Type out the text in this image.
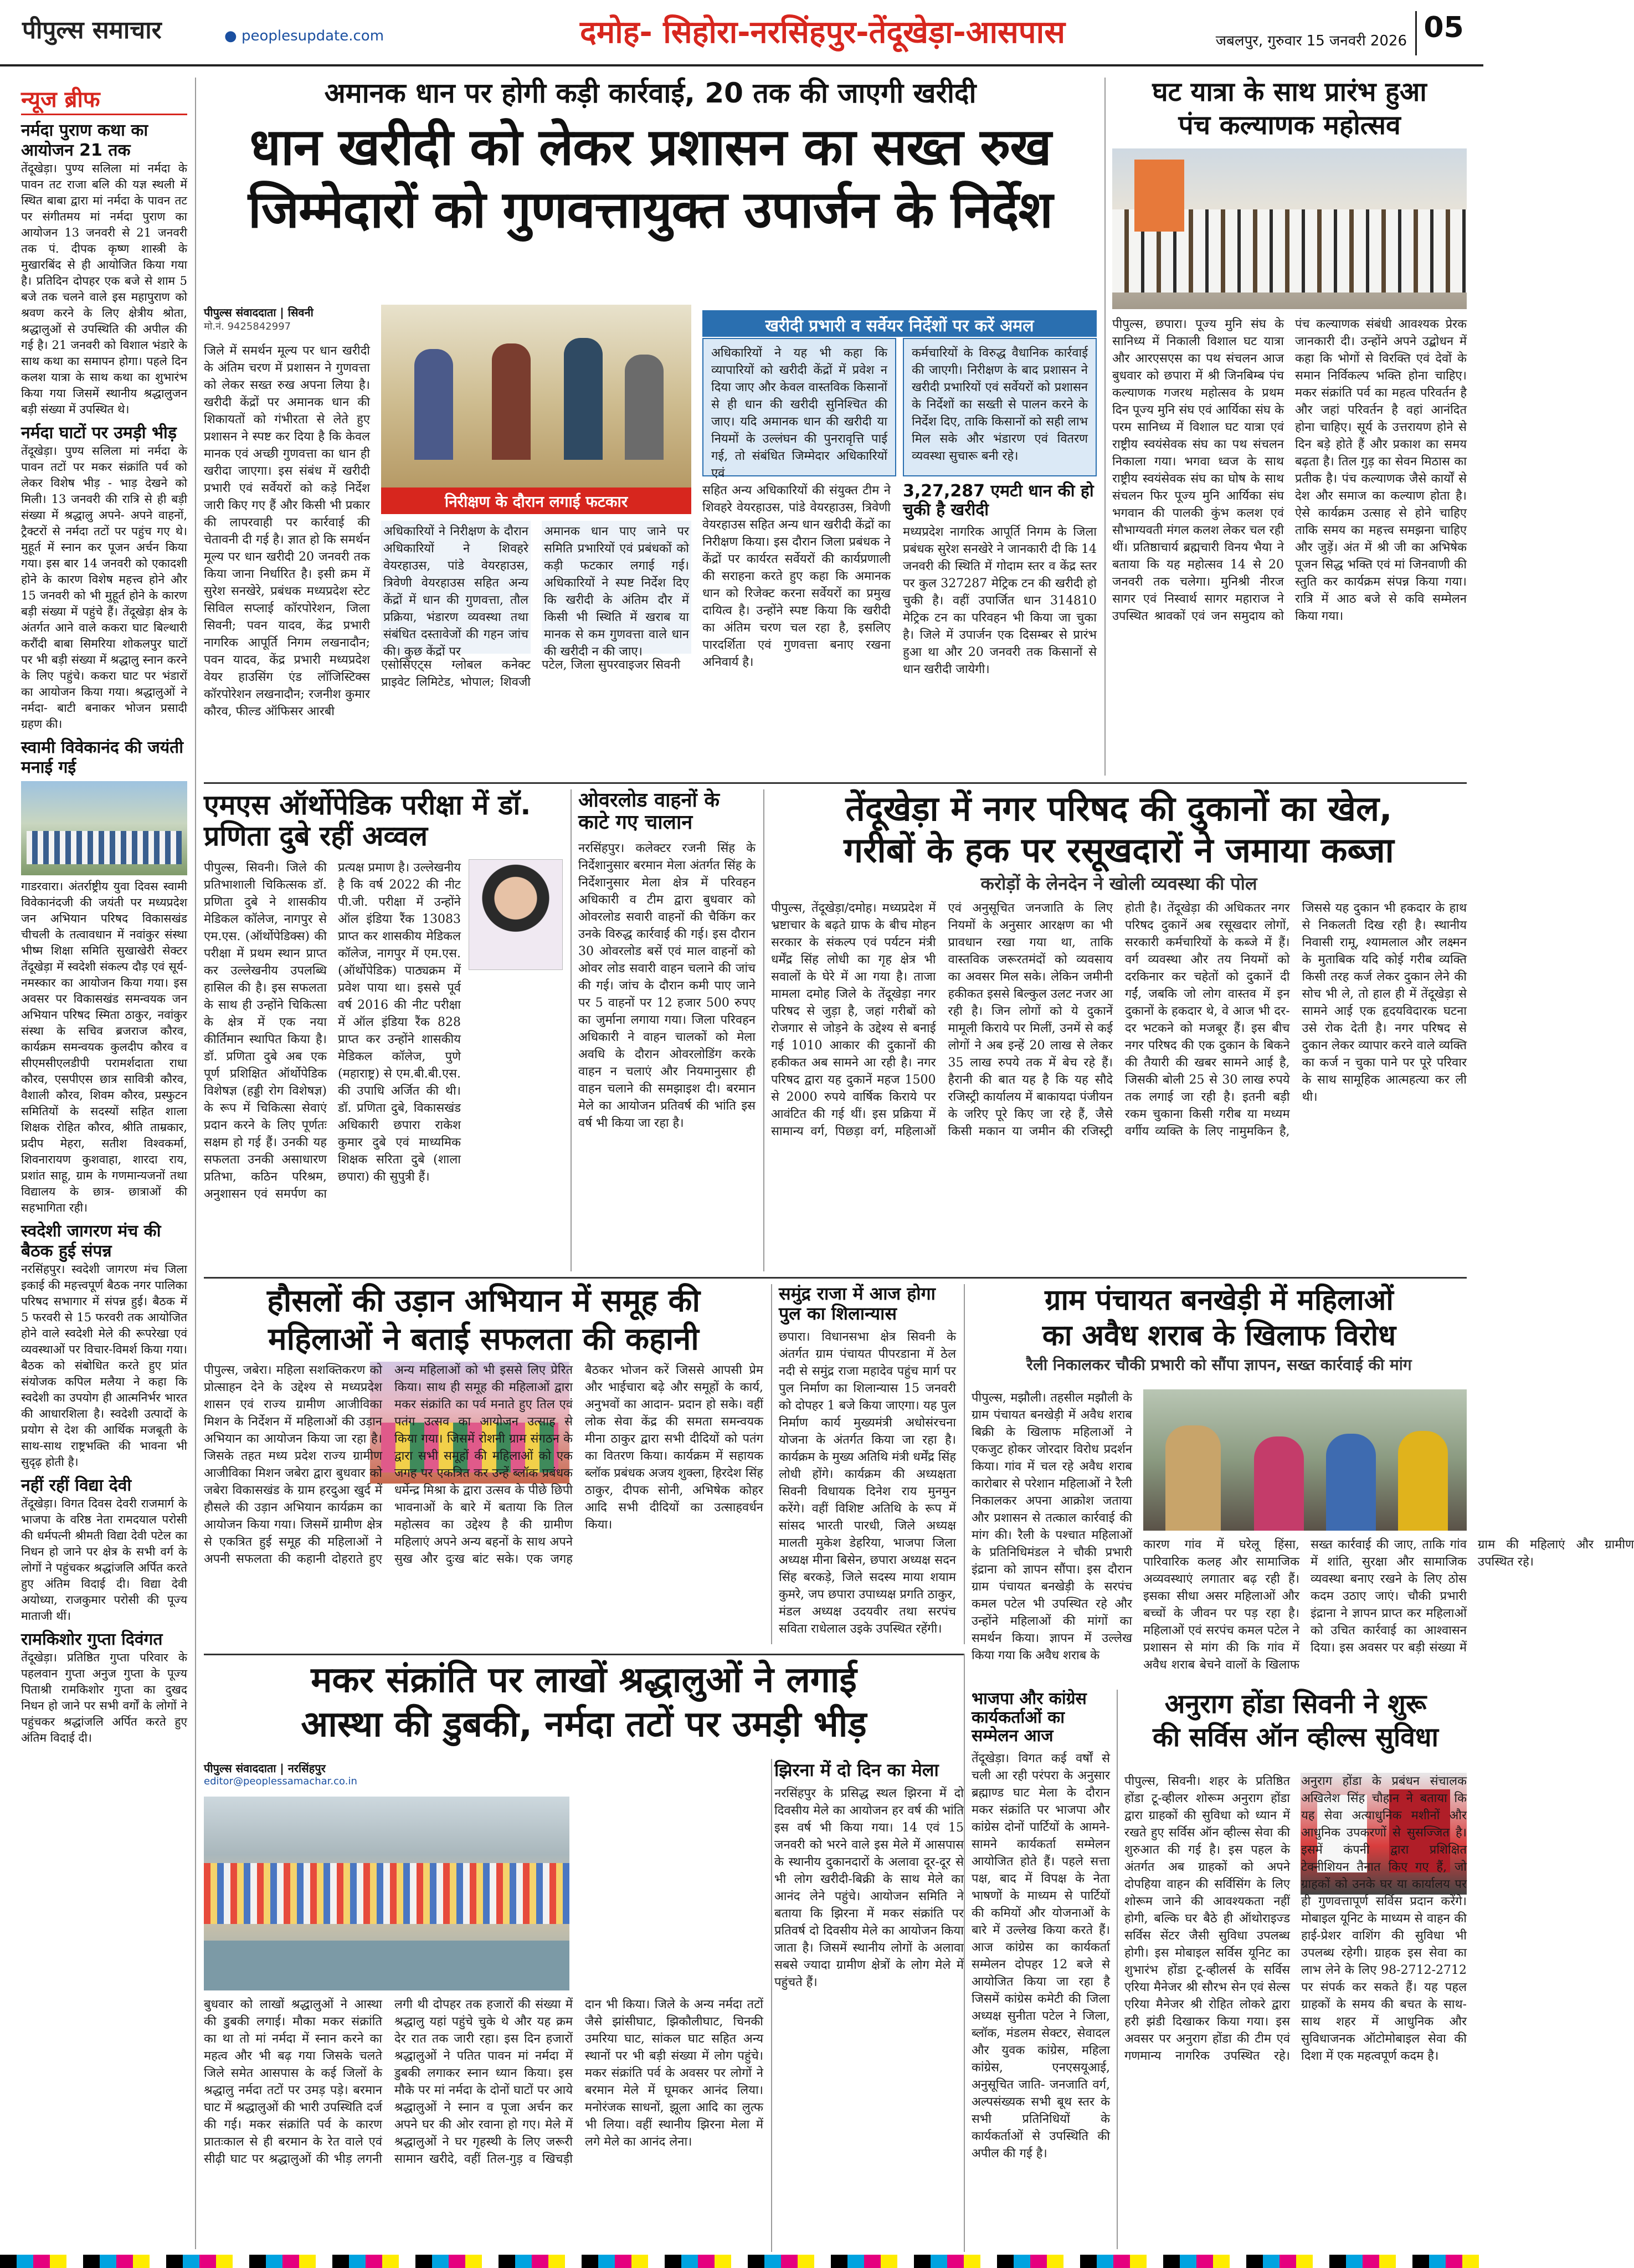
पीपुल्स समाचार	● peoplesupdate.com	दमोह- सिहोरा-नरसिंहपुर-तेंदूखेड़ा-आसपास	जबलपुर, गुरुवार 15 जनवरी 2026 05
न्यूज ब्रीफ
नर्मदा पुराण कथा का आयोजन 21 तक
तेंदूखेड़ा। पुण्य सलिला मां नर्मदा के पावन तट राजा बलि की यज्ञ स्थली में स्थित बाबा द्वारा मां नर्मदा के पावन तट पर संगीतमय मां नर्मदा पुराण का आयोजन 13 जनवरी से 21 जनवरी तक पं. दीपक कृष्ण शास्त्री के मुखारबिंद से ही आयोजित किया गया है। प्रतिदिन दोपहर एक बजे से शाम 5 बजे तक चलने वाले इस महापुराण को श्रवण करने के लिए क्षेत्रीय श्रोता, श्रद्धालुओं से उपस्थिति की अपील की गई है। 21 जनवरी को विशाल भंडारे के साथ कथा का समापन होगा। पहले दिन कलश यात्रा के साथ कथा का शुभारंभ किया गया जिसमें स्थानीय श्रद्धालुजन बड़ी संख्या में उपस्थित थे।
नर्मदा घाटों पर उमड़ी भीड़
तेंदूखेड़ा। पुण्य सलिला मां नर्मदा के पावन तटों पर मकर संक्रांति पर्व को लेकर विशेष भीड़ - भाड़ देखने को मिली। 13 जनवरी की रात्रि से ही बड़ी संख्या में श्रद्धालु अपने- अपने वाहनों, ट्रैक्टरों से नर्मदा तटों पर पहुंच गए थे। मुहूर्त में स्नान कर पूजन अर्चन किया गया। इस बार 14 जनवरी को एकादशी होने के कारण विशेष महत्त्व होने और 15 जनवरी को भी मुहूर्त होने के कारण बड़ी संख्या में पहुंचे हैं। तेंदूखेड़ा क्षेत्र के अंतर्गत आने वाले ककरा घाट बिल्थारी करौंदी बाबा सिमरिया शोकलपुर घाटों पर भी बड़ी संख्या में श्रद्धालु स्नान करने के लिए पहुंचे। ककरा घाट पर भंडारों का आयोजन किया गया। श्रद्धालुओं ने नर्मदा- बाटी बनाकर भोजन प्रसादी ग्रहण की।
स्वामी विवेकानंद की जयंती मनाई गई
गाडरवारा। अंतर्राष्ट्रीय युवा दिवस स्वामी विवेकानंदजी की जयंती पर मध्यप्रदेश जन अभियान परिषद विकासखंड चीचली के तत्वावधान में नवांकुर संस्था भीष्म शिक्षा समिति सुखाखेरी सेक्टर तेंदूखेड़ा में स्वदेशी संकल्प दौड़ एवं सूर्य- नमस्कार का आयोजन किया गया। इस अवसर पर विकासखंड समन्वयक जन अभियान परिषद स्मिता ठाकुर, नवांकुर संस्था के सचिव ब्रजराज कौरव, कार्यक्रम समन्वयक कुलदीप कौरव व सीएमसीएलडीपी परामर्शदाता राधा कौरव, एसपीएस छात्र सावित्री कौरव, वैशाली कौरव, शिवम कौरव, प्रस्फुटन समितियों के सदस्यों सहित शाला शिक्षक रोहित कौरव, श्रीति ताम्रकार, प्रदीप मेहरा, सतीश विश्वकर्मा, शिवनारायण कुशवाहा, शारदा राय, प्रशांत साहू, ग्राम के गणमान्यजनों तथा विद्यालय के छात्र- छात्राओं की सहभागिता रही।
स्वदेशी जागरण मंच की बैठक हुई संपन्न
नरसिंहपुर। स्वदेशी जागरण मंच जिला इकाई की महत्त्वपूर्ण बैठक नगर पालिका परिषद सभागार में संपन्न हुई। बैठक में 5 फरवरी से 15 फरवरी तक आयोजित होने वाले स्वदेशी मेले की रूपरेखा एवं व्यवस्थाओं पर विचार-विमर्श किया गया। बैठक को संबोधित करते हुए प्रांत संयोजक कपिल मलैया ने कहा कि स्वदेशी का उपयोग ही आत्मनिर्भर भारत की आधारशिला है। स्वदेशी उत्पादों के प्रयोग से देश की आर्थिक मजबूती के साथ-साथ राष्ट्रभक्ति की भावना भी सुदृढ़ होती है।
नहीं रहीं विद्या देवी
तेंदूखेड़ा। विगत दिवस देवरी राजमार्ग के भाजपा के वरिष्ठ नेता रामदयाल परोसी की धर्मपत्नी श्रीमती विद्या देवी पटेल का निधन हो जाने पर क्षेत्र के सभी वर्ग के लोगों ने पहुंचकर श्रद्धांजलि अर्पित करते हुए अंतिम विदाई दी। विद्या देवी अयोध्या, राजकुमार परोसी की पूज्य माताजी थीं।
रामकिशोर गुप्ता दिवंगत
तेंदूखेड़ा। प्रतिष्ठित गुप्ता परिवार के पहलवान गुप्ता अनुज गुप्ता के पूज्य पिताश्री रामकिशोर गुप्ता का दुखद निधन हो जाने पर सभी वर्गों के लोगों ने पहुंचकर श्रद्धांजलि अर्पित करते हुए अंतिम विदाई दी।
अमानक धान पर होगी कड़ी कार्रवाई, 20 तक की जाएगी खरीदी
धान खरीदी को लेकर प्रशासन का सख्त रुख
जिम्मेदारों को गुणवत्तायुक्त उपार्जन के निर्देश
पीपुल्स संवाददाता | सिवनी
मो.नं. 9425842997
निरीक्षण के दौरान लगाई फटकार
जिले में समर्थन मूल्य पर धान खरीदी के अंतिम चरण में प्रशासन ने गुणवत्ता को लेकर सख्त रुख अपना लिया है। खरीदी केंद्रों पर अमानक धान की शिकायतों को गंभीरता से लेते हुए प्रशासन ने स्पष्ट कर दिया है कि केवल मानक एवं अच्छी गुणवत्ता का धान ही खरीदा जाएगा। इस संबंध में खरीदी प्रभारी एवं सर्वेयरों को कड़े निर्देश जारी किए गए हैं और किसी भी प्रकार की लापरवाही पर कार्रवाई की चेतावनी दी गई है। ज्ञात हो कि समर्थन मूल्य पर धान खरीदी 20 जनवरी तक किया जाना निर्धारित है। इसी क्रम में सुरेश सनखेरे, प्रबंधक मध्यप्रदेश स्टेट सिविल सप्लाई कॉरपोरेशन, जिला सिवनी; पवन यादव, केंद्र प्रभारी नागरिक आपूर्ति निगम लखनादौन; पवन यादव, केंद्र प्रभारी मध्यप्रदेश वेयर हाउसिंग एंड लॉजिस्टिक्स कॉरपोरेशन लखनादौन; रजनीश कुमार कौरव, फील्ड ऑफिसर आरबी
अधिकारियों ने निरीक्षण के दौरान अधिकारियों ने शिवहरे वेयरहाउस, पांडे वेयरहाउस, त्रिवेणी वेयरहाउस सहित अन्य केंद्रों में धान की गुणवत्ता, तौल प्रक्रिया, भंडारण व्यवस्था तथा संबंधित दस्तावेजों की गहन जांच की। कुछ केंद्रों पर
अमानक धान पाए जाने पर समिति प्रभारियों एवं प्रबंधकों को कड़ी फटकार लगाई गई। अधिकारियों ने स्पष्ट निर्देश दिए कि खरीदी के अंतिम दौर में किसी भी स्थिति में खराब या मानक से कम गुणवत्ता वाले धान की खरीदी न की जाए।
एसोसिएट्स ग्लोबल कनेक्ट प्राइवेट लिमिटेड, भोपाल; शिवजी पटेल, जिला सुपरवाइजर सिवनी
खरीदी प्रभारी व सर्वेयर निर्देशों पर करें अमल
अधिकारियों ने यह भी कहा कि व्यापारियों को खरीदी केंद्रों में प्रवेश न दिया जाए और केवल वास्तविक किसानों से ही धान की खरीदी सुनिश्चित की जाए। यदि अमानक धान की खरीदी या नियमों के उल्लंघन की पुनरावृत्ति पाई गई, तो संबंधित जिम्मेदार अधिकारियों एवं
कर्मचारियों के विरुद्ध वैधानिक कार्रवाई की जाएगी। निरीक्षण के बाद प्रशासन ने खरीदी प्रभारियों एवं सर्वेयरों को प्रशासन के निर्देशों का सख्ती से पालन करने के निर्देश दिए, ताकि किसानों को सही लाभ मिल सके और भंडारण एवं वितरण व्यवस्था सुचारू बनी रहे।
सहित अन्य अधिकारियों की संयुक्त टीम ने शिवहरे वेयरहाउस, पांडे वेयरहाउस, त्रिवेणी वेयरहाउस सहित अन्य धान खरीदी केंद्रों का निरीक्षण किया। इस दौरान जिला प्रबंधक ने केंद्रों पर कार्यरत सर्वेयरों की कार्यप्रणाली की सराहना करते हुए कहा कि अमानक धान को रिजेक्ट करना सर्वेयरों का प्रमुख दायित्व है। उन्होंने स्पष्ट किया कि खरीदी का अंतिम चरण चल रहा है, इसलिए पारदर्शिता एवं गुणवत्ता बनाए रखना अनिवार्य है।
3,27,287 एमटी धान की हो चुकी है खरीदी
मध्यप्रदेश नागरिक आपूर्ति निगम के जिला प्रबंधक सुरेश सनखेरे ने जानकारी दी कि 14 जनवरी की स्थिति में गोदाम स्तर व केंद्र स्तर पर कुल 327287 मेट्रिक टन की खरीदी हो चुकी है। वहीं उपार्जित धान 314810 मेट्रिक टन का परिवहन भी किया जा चुका है। जिले में उपार्जन एक दिसम्बर से प्रारंभ हुआ था और 20 जनवरी तक किसानों से धान खरीदी जायेगी।
घट यात्रा के साथ प्रारंभ हुआ
पंच कल्याणक महोत्सव
पीपुल्स, छपारा। पूज्य मुनि संघ के सानिध्य में निकाली विशाल घट यात्रा और आरएसएस का पथ संचलन आज बुधवार को छपारा में श्री जिनबिम्ब पंच कल्याणक गजरथ महोत्सव के प्रथम दिन पूज्य मुनि संघ एवं आर्यिका संघ के परम सानिध्य में विशाल घट यात्रा एवं राष्ट्रीय स्वयंसेवक संघ का पथ संचलन निकाला गया। भगवा ध्वज के साथ राष्ट्रीय स्वयंसेवक संघ का घोष के साथ संचलन फिर पूज्य मुनि आर्यिका संघ भगवान की पालकी कुंभ कलश एवं सौभाग्यवती मंगल कलश लेकर चल रही थीं। प्रतिष्ठाचार्य ब्रह्मचारी विनय भैया ने बताया कि यह महोत्सव 14 से 20 जनवरी तक चलेगा। मुनिश्री नीरज सागर एवं निस्वार्थ सागर महाराज ने उपस्थित श्रावकों एवं जन समुदाय को पंच कल्याणक संबंधी आवश्यक प्रेरक जानकारी दी। उन्होंने अपने उद्बोधन में कहा कि भोगों से विरक्ति एवं देवों के समान निर्विकल्प भक्ति होना चाहिए। मकर संक्रांति पर्व का महत्व परिवर्तन है और जहां परिवर्तन है वहां आनंदित होना चाहिए। सूर्य के उत्तरायण होने से दिन बड़े होते हैं और प्रकाश का समय बढ़ता है। तिल गुड़ का सेवन मिठास का प्रतीक है। पंच कल्याणक जैसे कार्यों से देश और समाज का कल्याण होता है। ऐसे कार्यक्रम उत्साह से होने चाहिए ताकि समय का महत्त्व समझना चाहिए और जुड़ें। अंत में श्री जी का अभिषेक पूजन सिद्ध भक्ति एवं मां जिनवाणी की स्तुति कर कार्यक्रम संपन्न किया गया। रात्रि में आठ बजे से कवि सम्मेलन किया गया।
एमएस ऑर्थोपेडिक परीक्षा में डॉ. प्रणिता दुबे रहीं अव्वल
पीपुल्स, सिवनी। जिले की प्रतिभाशाली चिकित्सक डॉ. प्रणिता दुबे ने शासकीय मेडिकल कॉलेज, नागपुर से एम.एस. (ऑर्थोपेडिक्स) की परीक्षा में प्रथम स्थान प्राप्त कर उल्लेखनीय उपलब्धि हासिल की है। इस सफलता के साथ ही उन्होंने चिकित्सा के क्षेत्र में एक नया कीर्तिमान स्थापित किया है। डॉ. प्रणिता दुबे अब एक पूर्ण प्रशिक्षित ऑर्थोपेडिक विशेषज्ञ (हड्डी रोग विशेषज्ञ) के रूप में चिकित्सा सेवाएं प्रदान करने के लिए पूर्णतः सक्षम हो गई हैं। उनकी यह सफलता उनकी असाधारण प्रतिभा, कठिन परिश्रम, अनुशासन एवं समर्पण का प्रत्यक्ष प्रमाण है। उल्लेखनीय है कि वर्ष 2022 की नीट पी.जी. परीक्षा में उन्होंने ऑल इंडिया रैंक 13083 प्राप्त कर शासकीय मेडिकल कॉलेज, नागपुर में एम.एस. (ऑर्थोपेडिक) पाठ्यक्रम में प्रवेश पाया था। इससे पूर्व वर्ष 2016 की नीट परीक्षा में ऑल इंडिया रैंक 828 प्राप्त कर उन्होंने शासकीय मेडिकल कॉलेज, पुणे (महाराष्ट्र) से एम.बी.बी.एस. की उपाधि अर्जित की थी। डॉ. प्रणिता दुबे, विकासखंड अधिकारी छपारा राकेश कुमार दुबे एवं माध्यमिक शिक्षक सरिता दुबे (शाला छपारा) की सुपुत्री हैं।
ओवरलोड वाहनों के काटे गए चालान
नरसिंहपुर। कलेक्टर रजनी सिंह के निर्देशानुसार बरमान मेला अंतर्गत सिंह के निर्देशानुसार मेला क्षेत्र में परिवहन अधिकारी व टीम द्वारा बुधवार को ओवरलोड सवारी वाहनों की चैकिंग कर उनके विरुद्ध कार्रवाई की गई। इस दौरान 30 ओवरलोड बसें एवं माल वाहनों को ओवर लोड सवारी वाहन चलाने की जांच की गई। जांच के दौरान कमी पाए जाने पर 5 वाहनों पर 12 हजार 500 रुपए का जुर्माना लगाया गया। जिला परिवहन अधिकारी ने वाहन चालकों को मेला अवधि के दौरान ओवरलोडिंग करके वाहन न चलाएं और नियमानुसार ही वाहन चलाने की समझाइश दी। बरमान मेले का आयोजन प्रतिवर्ष की भांति इस वर्ष भी किया जा रहा है।
तेंदूखेड़ा में नगर परिषद की दुकानों का खेल,
गरीबों के हक पर रसूखदारों ने जमाया कब्जा
करोड़ों के लेनदेन ने खोली व्यवस्था की पोल
पीपुल्स, तेंदूखेड़ा/दमोह। मध्यप्रदेश में भ्रष्टाचार के बढ़ते ग्राफ के बीच मोहन सरकार के संकल्प एवं पर्यटन मंत्री धर्मेंद्र सिंह लोधी का गृह क्षेत्र भी सवालों के घेरे में आ गया है। ताजा मामला दमोह जिले के तेंदूखेड़ा नगर परिषद से जुड़ा है, जहां गरीबों को रोजगार से जोड़ने के उद्देश्य से बनाई गई 1010 आकार की दुकानों की हकीकत अब सामने आ रही है। नगर परिषद द्वारा यह दुकानें महज 1500 से 2000 रुपये वार्षिक किराये पर आवंटित की गई थीं। इस प्रक्रिया में सामान्य वर्ग, पिछड़ा वर्ग, महिलाओं एवं अनुसूचित जनजाति के लिए नियमों के अनुसार आरक्षण का भी प्रावधान रखा गया था, ताकि वास्तविक जरूरतमंदों को व्यवसाय का अवसर मिल सके। लेकिन जमीनी हकीकत इससे बिल्कुल उलट नजर आ रही है। जिन लोगों को ये दुकानें मामूली किराये पर मिलीं, उनमें से कई लोगों ने अब इन्हें 20 लाख से लेकर 35 लाख रुपये तक में बेच रहे हैं। हैरानी की बात यह है कि यह सौदे रजिस्ट्री कार्यालय में बाकायदा पंजीयन के जरिए पूरे किए जा रहे हैं, जैसे किसी मकान या जमीन की रजिस्ट्री होती है। तेंदूखेड़ा की अधिकतर नगर परिषद दुकानें अब रसूखदार लोगों, सरकारी कर्मचारियों के कब्जे में हैं। वर्ग व्यवस्था और तय नियमों को दरकिनार कर चहेतों को दुकानें दी गईं, जबकि जो लोग वास्तव में इन दुकानों के हकदार थे, वे आज भी दर-दर भटकने को मजबूर हैं। इस बीच नगर परिषद की एक दुकान के बिकने की तैयारी की खबर सामने आई है, जिसकी बोली 25 से 30 लाख रुपये तक लगाई जा रही है। इतनी बड़ी रकम चुकाना किसी गरीब या मध्यम वर्गीय व्यक्ति के लिए नामुमकिन है, जिससे यह दुकान भी हकदार के हाथ से निकलती दिख रही है। स्थानीय निवासी रामू, श्यामलाल और लक्ष्मन के मुताबिक यदि कोई गरीब व्यक्ति किसी तरह कर्ज लेकर दुकान लेने की सोच भी ले, तो हाल ही में तेंदूखेड़ा से सामने आई एक हृदयविदारक घटना उसे रोक देती है। नगर परिषद से दुकान लेकर व्यापार करने वाले व्यक्ति का कर्ज न चुका पाने पर पूरे परिवार के साथ सामूहिक आत्महत्या कर ली थी।
हौसलों की उड़ान अभियान में समूह की
महिलाओं ने बताई सफलता की कहानी
पीपुल्स, जबेरा। महिला सशक्तिकरण को प्रोत्साहन देने के उद्देश्य से मध्यप्रदेश शासन एवं राज्य ग्रामीण आजीविका मिशन के निर्देशन में महिलाओं की उड़ान अभियान का आयोजन किया जा रहा है। जिसके तहत मध्य प्रदेश राज्य ग्रामीण आजीविका मिशन जबेरा द्वारा बुधवार को जबेरा विकासखंड के ग्राम हरदुआ खुर्द में हौसले की उड़ान अभियान कार्यक्रम का आयोजन किया गया। जिसमें ग्रामीण क्षेत्र से एकत्रित हुई समूह की महिलाओं ने अपनी सफलता की कहानी दोहराते हुए अन्य महिलाओं को भी इससे लिए प्रेरित किया। साथ ही समूह की महिलाओं द्वारा मकर संक्रांति का पर्व मनाते हुए तिल एवं पतंग उत्सव का आयोजन उत्साह से किया गया। जिसमें रोशनी ग्राम संगठन के द्वारा सभी समूहों की महिलाओं को एक जगह पर एकत्रित कर उन्हें ब्लॉक प्रबंधक धर्मेन्द्र मिश्रा के द्वारा उत्सव के पीछे छिपी भावनाओं के बारे में बताया कि तिल महोत्सव का उद्देश्य है की ग्रामीण महिलाएं अपने अन्य बहनों के साथ अपने सुख और दुःख बांट सके। एक जगह बैठकर भोजन करें जिससे आपसी प्रेम और भाईचारा बढ़े और समूहों के कार्य, अनुभवों का आदान- प्रदान हो सके। वहीं लोक सेवा केंद्र की समता समन्वयक मीना ठाकुर द्वारा सभी दीदियों को पतंग का वितरण किया। कार्यक्रम में सहायक ब्लॉक प्रबंधक अजय शुक्ला, हिरदेश सिंह ठाकुर, दीपक सोनी, अभिषेक कोहर आदि सभी दीदियों का उत्साहवर्धन किया।
समुंद्र राजा में आज होगा पुल का शिलान्यास
छपारा। विधानसभा क्षेत्र सिवनी के अंतर्गत ग्राम पंचायत पीपरडाना में ठेल नदी से समुंद्र राजा महादेव पहुंच मार्ग पर पुल निर्माण का शिलान्यास 15 जनवरी को दोपहर 1 बजे किया जाएगा। यह पुल निर्माण कार्य मुख्यमंत्री अधोसंरचना योजना के अंतर्गत किया जा रहा है। कार्यक्रम के मुख्य अतिथि मंत्री धर्मेंद्र सिंह लोधी होंगे। कार्यक्रम की अध्यक्षता सिवनी विधायक दिनेश राय मुनमुन करेंगे। वहीं विशिष्ट अतिथि के रूप में सांसद भारती पारधी, जिले अध्यक्ष मालती मुकेश डेहरिया, भाजपा जिला अध्यक्ष मीना बिसेन, छपारा अध्यक्ष सदन सिंह बरकड़े, जिले सदस्य माया शयाम कुमरे, जप छपारा उपाध्यक्ष प्रगति ठाकुर, मंडल अध्यक्ष उदयवीर तथा सरपंच सविता राधेलाल उइके उपस्थित रहेंगी।
ग्राम पंचायत बनखेड़ी में महिलाओं
का अवैध शराब के खिलाफ विरोध
रैली निकालकर चौकी प्रभारी को सौंपा ज्ञापन, सख्त कार्रवाई की मांग
पीपुल्स, मझौली। तहसील मझौली के ग्राम पंचायत बनखेड़ी में अवैध शराब बिक्री के खिलाफ महिलाओं ने एकजुट होकर जोरदार विरोध प्रदर्शन किया। गांव में चल रहे अवैध शराब कारोबार से परेशान महिलाओं ने रैली निकालकर अपना आक्रोश जताया और प्रशासन से तत्काल कार्रवाई की मांग की। रैली के पश्चात महिलाओं के प्रतिनिधिमंडल ने चौकी प्रभारी इंद्राना को ज्ञापन सौंपा। इस दौरान ग्राम पंचायत बनखेड़ी के सरपंच कमल पटेल भी उपस्थित रहे और उन्होंने महिलाओं की मांगों का समर्थन किया। ज्ञापन में उल्लेख किया गया कि अवैध शराब के
कारण गांव में घरेलू हिंसा, पारिवारिक कलह और सामाजिक अव्यवस्थाएं लगातार बढ़ रही हैं। इसका सीधा असर महिलाओं और बच्चों के जीवन पर पड़ रहा है। महिलाओं एवं सरपंच कमल पटेल ने प्रशासन से मांग की कि गांव में अवैध शराब बेचने वालों के खिलाफ सख्त कार्रवाई की जाए, ताकि गांव में शांति, सुरक्षा और सामाजिक व्यवस्था बनाए रखने के लिए ठोस कदम उठाए जाएं। चौकी प्रभारी इंद्राना ने ज्ञापन प्राप्त कर महिलाओं को उचित कार्रवाई का आश्वासन दिया। इस अवसर पर बड़ी संख्या में ग्राम की महिलाएं और ग्रामीण उपस्थित रहे।
मकर संक्रांति पर लाखों श्रद्धालुओं ने लगाई
आस्था की डुबकी, नर्मदा तटों पर उमड़ी भीड़
पीपुल्स संवाददाता | नरसिंहपुर
editor@peoplessamachar.co.in
बुधवार को लाखों श्रद्धालुओं ने आस्था की डुबकी लगाई। मौका मकर संक्रांति का था तो मां नर्मदा में स्नान करने का महत्व और भी बढ़ गया जिसके चलते जिले समेत आसपास के कई जिलों के श्रद्धालु नर्मदा तटों पर उमड़ पड़े। बरमान घाट में श्रद्धालुओं की भारी उपस्थिति दर्ज की गई। मकर संक्रांति पर्व के कारण प्रातःकाल से ही बरमान के रेत वाले एवं सीढ़ी घाट पर श्रद्धालुओं की भीड़ लगनी लगी थी दोपहर तक हजारों की संख्या में श्रद्धालु यहां पहुंचे चुके थे और यह क्रम देर रात तक जारी रहा। इस दिन हजारों श्रद्धालुओं ने पतित पावन मां नर्मदा में डुबकी लगाकर स्नान ध्यान किया। इस मौके पर मां नर्मदा के दोनों घाटों पर आये श्रद्धालुओं ने स्नान व पूजा अर्चन कर अपने घर की ओर रवाना हो गए। मेले में श्रद्धालुओं ने घर गृहस्थी के लिए जरूरी सामान खरीदे, वहीं तिल-गुड़ व खिचड़ी दान भी किया। जिले के अन्य नर्मदा तटों जैसे झांसीघाट, झिकौलीघाट, चिनकी उमरिया घाट, सांकल घाट सहित अन्य स्थानों पर भी बड़ी संख्या में लोग पहुंचे। मकर संक्रांति पर्व के अवसर पर लोगों ने बरमान मेले में घूमकर आनंद लिया। मनोरंजक साधनों, झूला आदि का लुत्फ भी लिया। वहीं स्थानीय झिरना मेला में लगे मेले का आनंद लेना।
झिरना में दो दिन का मेला
नरसिंहपुर के प्रसिद्ध स्थल झिरना में दो दिवसीय मेले का आयोजन हर वर्ष की भांति इस वर्ष भी किया गया। 14 एवं 15 जनवरी को भरने वाले इस मेले में आसपास के स्थानीय दुकानदारों के अलावा दूर-दूर से भी लोग खरीदी-बिक्री के साथ मेले का आनंद लेने पहुंचे। आयोजन समिति ने बताया कि झिरना में मकर संक्रांति पर प्रतिवर्ष दो दिवसीय मेले का आयोजन किया जाता है। जिसमें स्थानीय लोगों के अलावा सबसे ज्यादा ग्रामीण क्षेत्रों के लोग मेले में पहुंचते हैं।
भाजपा और कांग्रेस कार्यकर्ताओं का सम्मेलन आज
तेंदूखेड़ा। विगत कई वर्षों से चली आ रही परंपरा के अनुसार ब्रह्माण्ड घाट मेला के दौरान मकर संक्रांति पर भाजपा और कांग्रेस दोनों पार्टियों के आमने- सामने कार्यकर्ता सम्मेलन आयोजित होते हैं। पहले सत्ता पक्ष, बाद में विपक्ष के नेता भाषणों के माध्यम से पार्टियों की कमियों और योजनाओं के बारे में उल्लेख किया करते हैं। आज कांग्रेस का कार्यकर्ता सम्मेलन दोपहर 12 बजे से आयोजित किया जा रहा है जिसमें कांग्रेस कमेटी की जिला अध्यक्ष सुनीता पटेल ने जिला, ब्लॉक, मंडलम सेक्टर, सेवादल और युवक कांग्रेस, महिला कांग्रेस, एनएसयूआई, अनुसूचित जाति- जनजाति वर्ग, अल्पसंख्यक सभी बूथ स्तर के सभी प्रतिनिधियों के कार्यकर्ताओं से उपस्थिति की अपील की गई है।
अनुराग होंडा सिवनी ने शुरू
की सर्विस ऑन व्हील्स सुविधा
पीपुल्स, सिवनी। शहर के प्रतिष्ठित होंडा टू-व्हीलर शोरूम अनुराग होंडा द्वारा ग्राहकों की सुविधा को ध्यान में रखते हुए सर्विस ऑन व्हील्स सेवा की शुरुआत की गई है। इस पहल के अंतर्गत अब ग्राहकों को अपने दोपहिया वाहन की सर्विसिंग के लिए शोरूम जाने की आवश्यकता नहीं होगी, बल्कि घर बैठे ही ऑथोराइज्ड सर्विस सेंटर जैसी सुविधा उपलब्ध होगी। इस मोबाइल सर्विस यूनिट का शुभारंभ होंडा टू-व्हीलर्स के सर्विस एरिया मैनेजर श्री सौरभ सेन एवं सेल्स एरिया मैनेजर श्री रोहित लोकरे द्वारा हरी झंडी दिखाकर किया गया। इस अवसर पर अनुराग होंडा की टीम एवं गणमान्य नागरिक उपस्थित रहे। अनुराग होंडा के प्रबंधन संचालक अखिलेश सिंह चौहान ने बताया कि यह सेवा अत्याधुनिक मशीनों और आधुनिक उपकरणों से सुसज्जित है। इसमें कंपनी द्वारा प्रशिक्षित टेक्नीशियन तैनात किए गए हैं, जो ग्राहकों को उनके घर या कार्यालय पर ही गुणवत्तापूर्ण सर्विस प्रदान करेंगे। मोबाइल यूनिट के माध्यम से वाहन की हाई-प्रेशर वाशिंग की सुविधा भी उपलब्ध रहेगी। ग्राहक इस सेवा का लाभ लेने के लिए 98-2712-2712 पर संपर्क कर सकते हैं। यह पहल ग्राहकों के समय की बचत के साथ-साथ शहर में आधुनिक और सुविधाजनक ऑटोमोबाइल सेवा की दिशा में एक महत्वपूर्ण कदम है।
